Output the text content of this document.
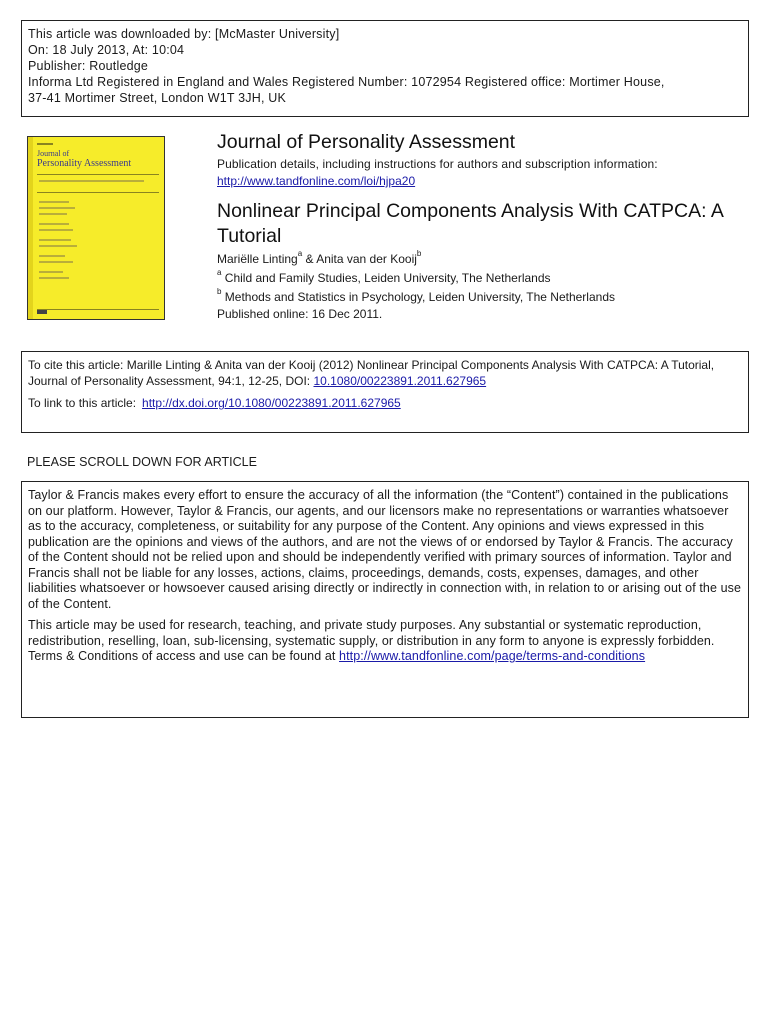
This article was downloaded by: [McMaster University]
On: 18 July 2013, At: 10:04
Publisher: Routledge
Informa Ltd Registered in England and Wales Registered Number: 1072954 Registered office: Mortimer House,
37-41 Mortimer Street, London W1T 3JH, UK
Journal of
Personality Assessment
Journal of Personality Assessment
Publication details, including instructions for authors and subscription information:
http://www.tandfonline.com/loi/hjpa20
Nonlinear Principal Components Analysis With CATPCA: A Tutorial
Mariëlle Linting$^a$ & Anita van der Kooij$^b$
$^a$ Child and Family Studies, Leiden University, The Netherlands
$^b$ Methods and Statistics in Psychology, Leiden University, The Netherlands
Published online: 16 Dec 2011.
To cite this article: Marille Linting & Anita van der Kooij (2012) Nonlinear Principal Components Analysis With CATPCA: A Tutorial, Journal of Personality Assessment, 94:1, 12-25, DOI: 10.1080/00223891.2011.627965
To link to this article: http://dx.doi.org/10.1080/00223891.2011.627965
PLEASE SCROLL DOWN FOR ARTICLE

Taylor & Francis makes every effort to ensure the accuracy of all the information (the “Content”) contained in the publications on our platform. However, Taylor & Francis, our agents, and our licensors make no representations or warranties whatsoever as to the accuracy, completeness, or suitability for any purpose of the Content. Any opinions and views expressed in this publication are the opinions and views of the authors, and are not the views of or endorsed by Taylor & Francis. The accuracy of the Content should not be relied upon and should be independently verified with primary sources of information. Taylor and Francis shall not be liable for any losses, actions, claims, proceedings, demands, costs, expenses, damages, and other liabilities whatsoever or howsoever caused arising directly or indirectly in connection with, in relation to or arising out of the use of the Content.

This article may be used for research, teaching, and private study purposes. Any substantial or systematic reproduction, redistribution, reselling, loan, sub-licensing, systematic supply, or distribution in any form to anyone is expressly forbidden. Terms & Conditions of access and use can be found at http://www.tandfonline.com/page/terms-and-conditions
